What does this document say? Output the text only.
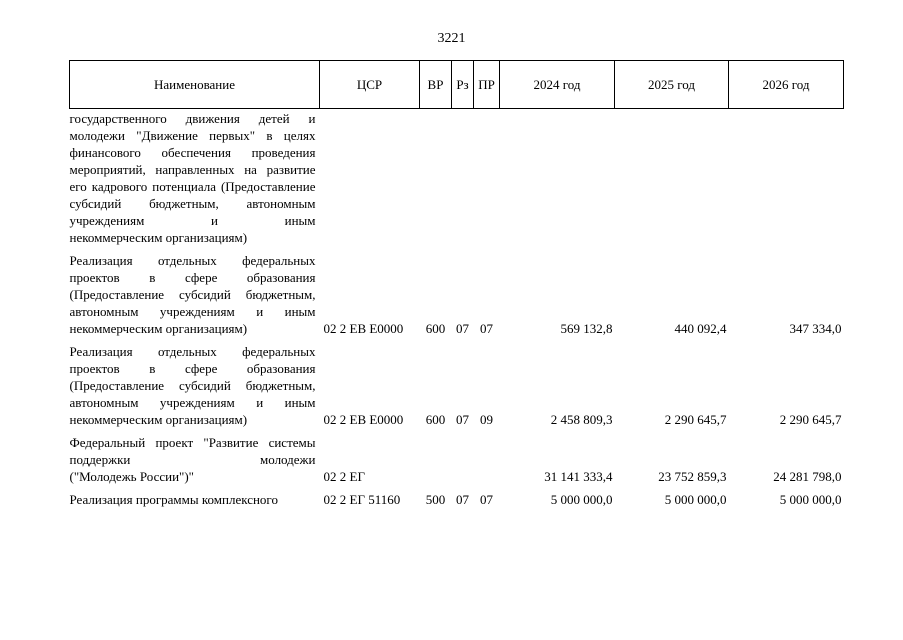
3221
Наименование	ЦСР	ВР	Рз	ПР	2024 год	2025 год	2026 год
государственного движения детей и молодежи "Движение первых" в целях финансового обеспечения проведения мероприятий, направленных на развитие его кадрового потенциала (Предоставление субсидий бюджетным, автономным учреждениям и иным
некоммерческим организациям)							

Реализация отдельных федеральных проектов в сфере образования (Предоставление субсидий бюджетным, автономным учреждениям и иным
некоммерческим организациям)	02 2 ЕВ Е0000	600	07	07	569 132,8	440 092,4	347 334,0

Реализация отдельных федеральных проектов в сфере образования (Предоставление субсидий бюджетным, автономным учреждениям и иным
некоммерческим организациям)	02 2 ЕВ Е0000	600	07	09	2 458 809,3	2 290 645,7	2 290 645,7

Федеральный проект "Развитие системы поддержки молодежи
("Молодежь России")"	02 2 ЕГ				31 141 333,4	23 752 859,3	24 281 798,0

Реализация программы комплексного	02 2 ЕГ 51160	500	07	07	5 000 000,0	5 000 000,0	5 000 000,0
